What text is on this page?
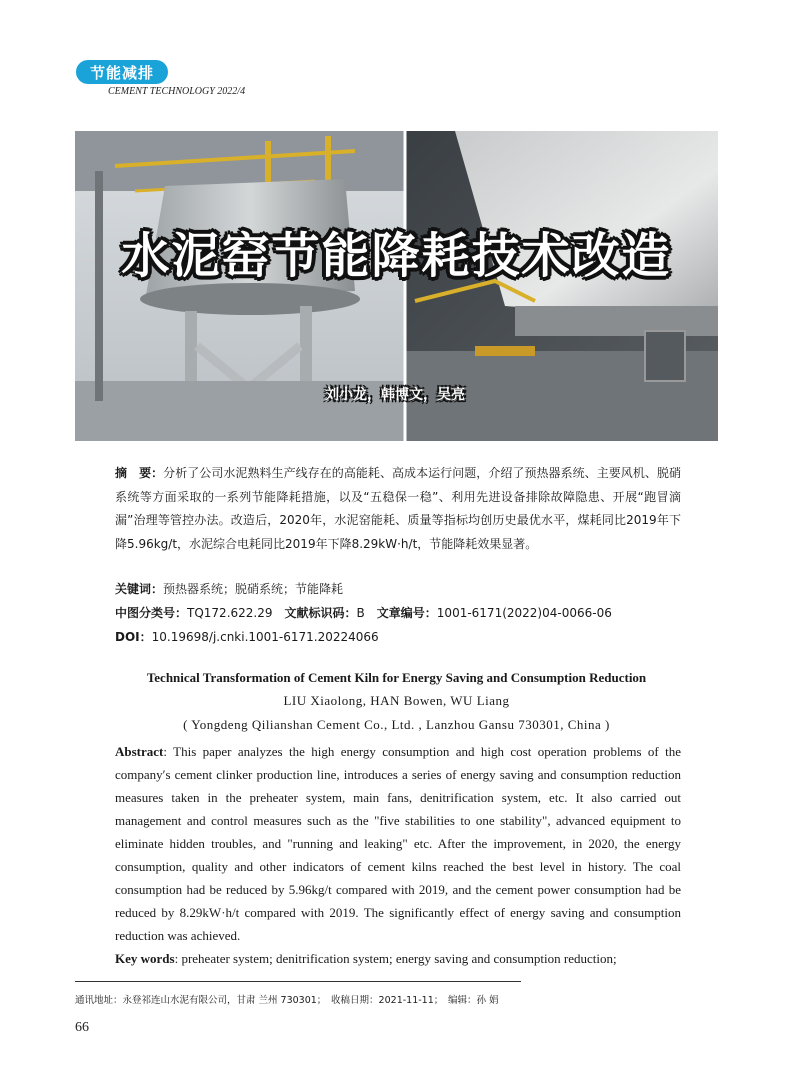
节能减排
CEMENT TECHNOLOGY 2022/4
水泥窑节能降耗技术改造
刘小龙，韩博文，吴亮
摘　要：分析了公司水泥熟料生产线存在的高能耗、高成本运行问题，介绍了预热器系统、主要风机、脱硝系统等方面采取的一系列节能降耗措施，以及“五稳保一稳”、利用先进设备排除故障隐患、开展“跑冒滴漏”治理等管控办法。改造后，2020年，水泥窑能耗、质量等指标均创历史最优水平，煤耗同比2019年下降5.96kg/t，水泥综合电耗同比2019年下降8.29kW·h/t，节能降耗效果显著。
关键词：预热器系统；脱硝系统；节能降耗
中图分类号：TQ172.622.29　 文献标识码：B　 文章编号：1001-6171(2022)04-0066-06
DOI：10.19698/j.cnki.1001-6171.20224066
Technical Transformation of Cement Kiln for Energy Saving and Consumption Reduction
LIU Xiaolong, HAN Bowen, WU Liang
( Yongdeng Qilianshan Cement Co., Ltd. , Lanzhou Gansu 730301, China )
Abstract: This paper analyzes the high energy consumption and high cost operation problems of the company′s cement clinker production line, introduces a series of energy saving and consumption reduction measures taken in the preheater system, main fans, denitrification system, etc. It also carried out management and control measures such as the "five stabilities to one stability", advanced equipment to eliminate hidden troubles, and "running and leaking" etc. After the improvement, in 2020, the energy consumption, quality and other indicators of cement kilns reached the best level in history. The coal consumption had be reduced by 5.96kg/t compared with 2019, and the cement power consumption had be reduced by 8.29kW·h/t compared with 2019. The significantly effect of energy saving and consumption reduction was achieved.
Key words: preheater system; denitrification system; energy saving and consumption reduction;
通讯地址：永登祁连山水泥有限公司，甘肃 兰州 730301；　收稿日期：2021-11-11；　编辑：孙 娟
66
